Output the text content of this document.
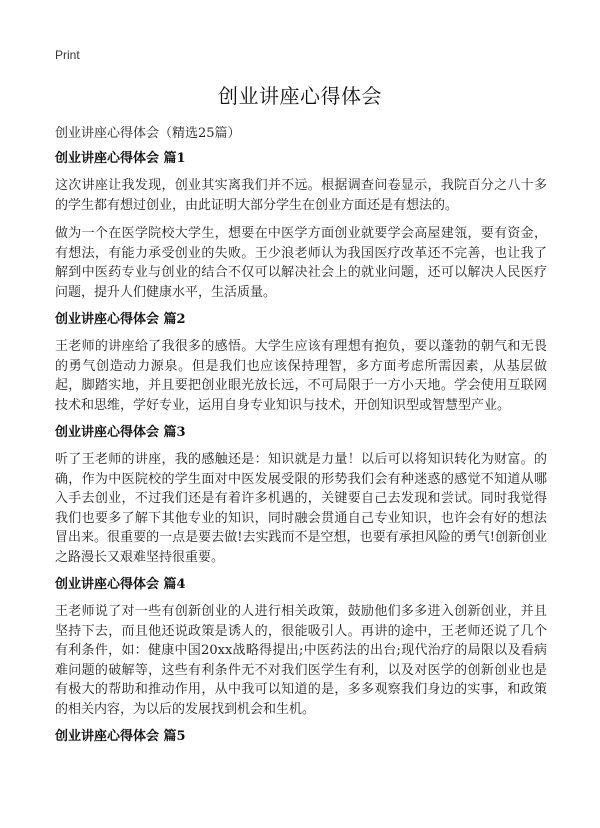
Print
创业讲座心得体会
创业讲座心得体会（精选25篇）
创业讲座心得体会 篇1

这次讲座让我发现，创业其实离我们并不远。根据调查问卷显示，我院百分之八十多的学生都有想过创业，由此证明大部分学生在创业方面还是有想法的。

做为一个在医学院校大学生，想要在中医学方面创业就要学会高屋建瓴，要有资金，有想法，有能力承受创业的失败。王少浪老师认为我国医疗改革还不完善，也让我了解到中医药专业与创业的结合不仅可以解决社会上的就业问题，还可以解决人民医疗问题，提升人们健康水平，生活质量。

创业讲座心得体会 篇2

王老师的讲座给了我很多的感悟。大学生应该有理想有抱负，要以蓬勃的朝气和无畏的勇气创造动力源泉。但是我们也应该保持理智，多方面考虑所需因素，从基层做起，脚踏实地，并且要把创业眼光放长远，不可局限于一方小天地。学会使用互联网技术和思维，学好专业，运用自身专业知识与技术，开创知识型或智慧型产业。

创业讲座心得体会 篇3

听了王老师的讲座，我的感触还是：知识就是力量！以后可以将知识转化为财富。的确，作为中医院校的学生面对中医发展受限的形势我们会有种迷惑的感觉不知道从哪入手去创业，不过我们还是有着许多机遇的，关键要自己去发现和尝试。同时我觉得我们也要多了解下其他专业的知识，同时融会贯通自己专业知识，也许会有好的想法冒出来。很重要的一点是要去做!去实践而不是空想，也要有承担风险的勇气!创新创业之路漫长又艰难坚持很重要。

创业讲座心得体会 篇4

王老师说了对一些有创新创业的人进行相关政策，鼓励他们多多进入创新创业，并且坚持下去，而且他还说政策是诱人的，很能吸引人。再讲的途中，王老师还说了几个有利条件，如：健康中国20xx战略得提出;中医药法的出台;现代治疗的局限以及看病难问题的破解等，这些有利条件无不对我们医学生有利，以及对医学的创新创业也是有极大的帮助和推动作用，从中我可以知道的是，多多观察我们身边的实事，和政策的相关内容，为以后的发展找到机会和生机。

创业讲座心得体会 篇5
